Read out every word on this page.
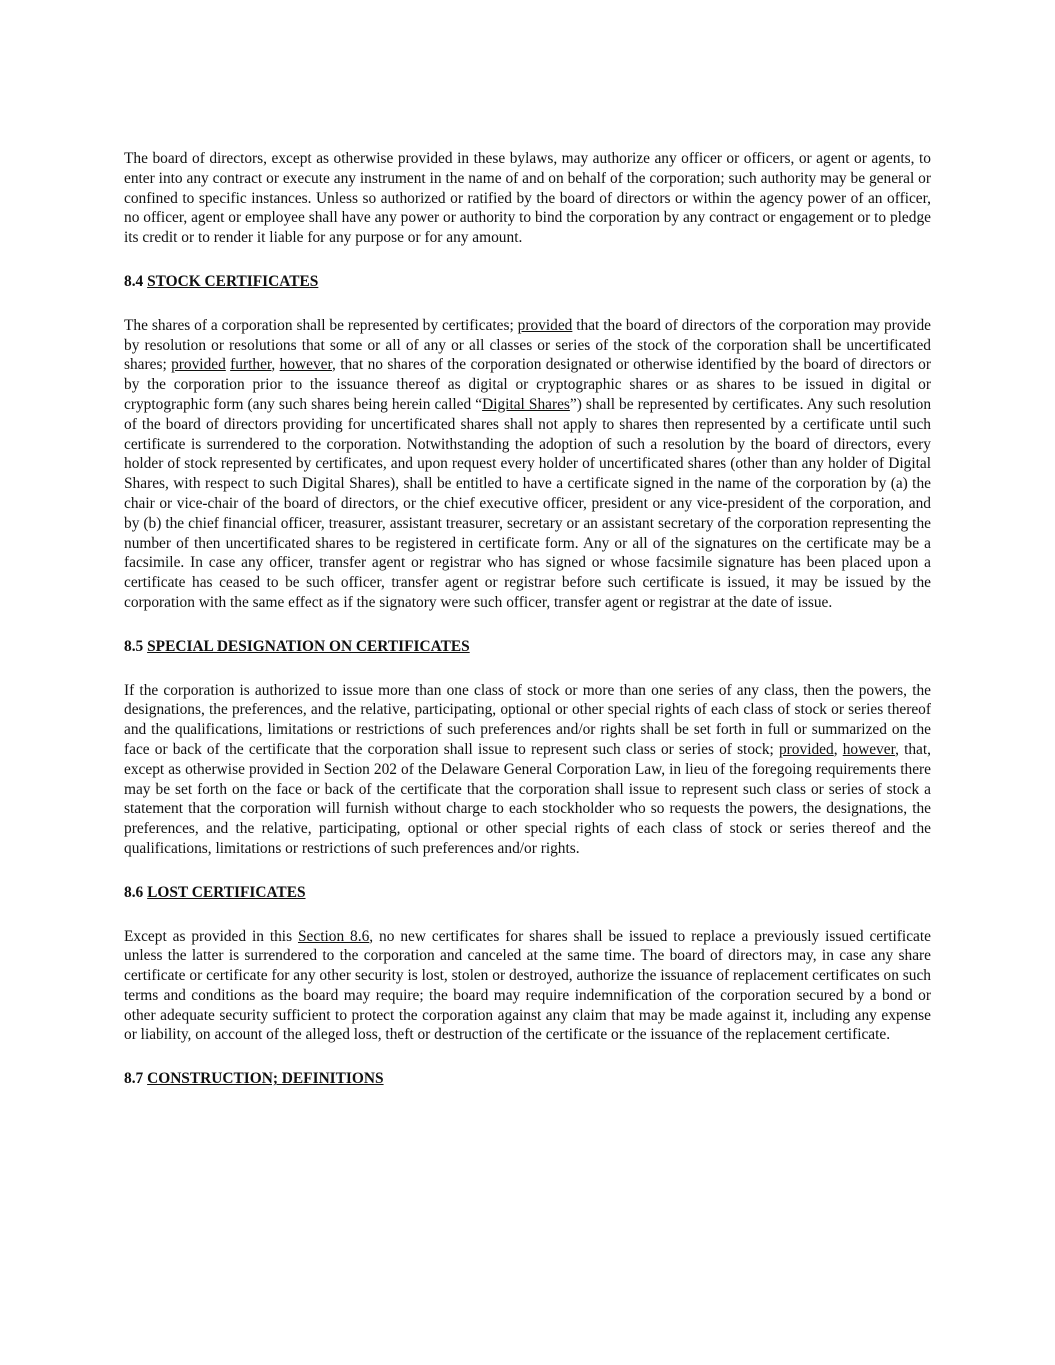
The board of directors, except as otherwise provided in these bylaws, may authorize any officer or officers, or agent or agents, to enter into any contract or execute any instrument in the name of and on behalf of the corporation; such authority may be general or confined to specific instances. Unless so authorized or ratified by the board of directors or within the agency power of an officer, no officer, agent or employee shall have any power or authority to bind the corporation by any contract or engagement or to pledge its credit or to render it liable for any purpose or for any amount.

8.4 STOCK CERTIFICATES

The shares of a corporation shall be represented by certificates; provided that the board of directors of the corporation may provide by resolution or resolutions that some or all of any or all classes or series of the stock of the corporation shall be uncertificated shares; provided further, however, that no shares of the corporation designated or otherwise identified by the board of directors or by the corporation prior to the issuance thereof as digital or cryptographic shares or as shares to be issued in digital or cryptographic form (any such shares being herein called “Digital Shares”) shall be represented by certificates. Any such resolution of the board of directors providing for uncertificated shares shall not apply to shares then represented by a certificate until such certificate is surrendered to the corporation. Notwithstanding the adoption of such a resolution by the board of directors, every holder of stock represented by certificates, and upon request every holder of uncertificated shares (other than any holder of Digital Shares, with respect to such Digital Shares), shall be entitled to have a certificate signed in the name of the corporation by (a) the chair or vice-chair of the board of directors, or the chief executive officer, president or any vice-president of the corporation, and by (b) the chief financial officer, treasurer, assistant treasurer, secretary or an assistant secretary of the corporation representing the number of then uncertificated shares to be registered in certificate form. Any or all of the signatures on the certificate may be a facsimile. In case any officer, transfer agent or registrar who has signed or whose facsimile signature has been placed upon a certificate has ceased to be such officer, transfer agent or registrar before such certificate is issued, it may be issued by the corporation with the same effect as if the signatory were such officer, transfer agent or registrar at the date of issue.

8.5 SPECIAL DESIGNATION ON CERTIFICATES

If the corporation is authorized to issue more than one class of stock or more than one series of any class, then the powers, the designations, the preferences, and the relative, participating, optional or other special rights of each class of stock or series thereof and the qualifications, limitations or restrictions of such preferences and/or rights shall be set forth in full or summarized on the face or back of the certificate that the corporation shall issue to represent such class or series of stock; provided, however, that, except as otherwise provided in Section 202 of the Delaware General Corporation Law, in lieu of the foregoing requirements there may be set forth on the face or back of the certificate that the corporation shall issue to represent such class or series of stock a statement that the corporation will furnish without charge to each stockholder who so requests the powers, the designations, the preferences, and the relative, participating, optional or other special rights of each class of stock or series thereof and the qualifications, limitations or restrictions of such preferences and/or rights.

8.6 LOST CERTIFICATES

Except as provided in this Section 8.6, no new certificates for shares shall be issued to replace a previously issued certificate unless the latter is surrendered to the corporation and canceled at the same time. The board of directors may, in case any share certificate or certificate for any other security is lost, stolen or destroyed, authorize the issuance of replacement certificates on such terms and conditions as the board may require; the board may require indemnification of the corporation secured by a bond or other adequate security sufficient to protect the corporation against any claim that may be made against it, including any expense or liability, on account of the alleged loss, theft or destruction of the certificate or the issuance of the replacement certificate.

8.7 CONSTRUCTION; DEFINITIONS
